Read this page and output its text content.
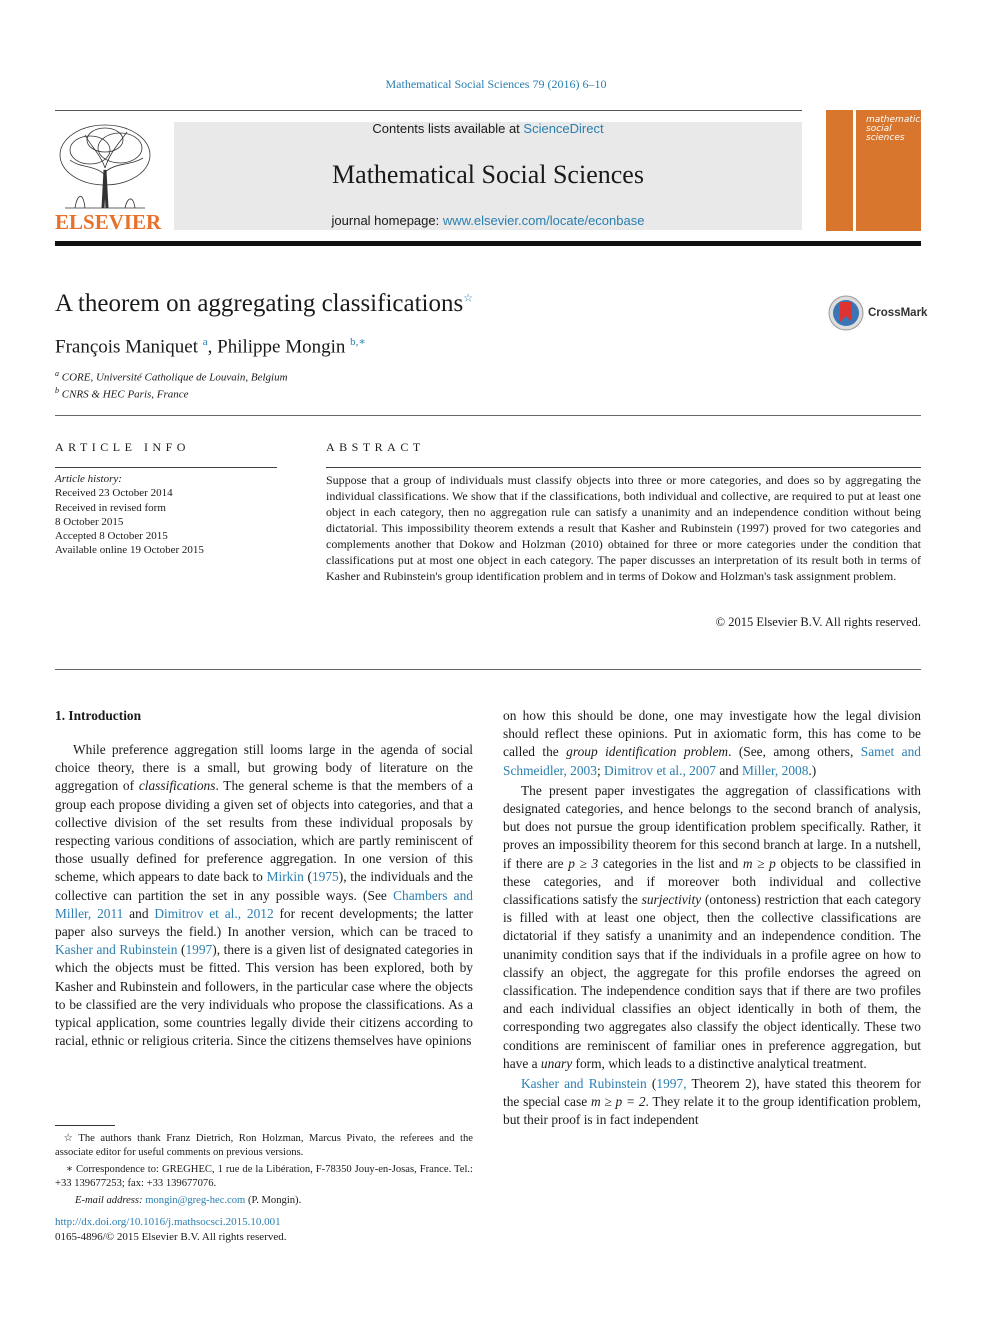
Mathematical Social Sciences 79 (2016) 6–10
ELSEVIER
Contents lists available at ScienceDirect
Mathematical Social Sciences
journal homepage: www.elsevier.com/locate/econbase
mathematical social sciences
A theorem on aggregating classifications☆
CrossMark
François Maniquet $^a$, Philippe Mongin $^{b,∗}$
$^a$ CORE, Université Catholique de Louvain, Belgium
$^b$ CNRS & HEC Paris, France
ARTICLE INFO	ABSTRACT
Article history:
Received 23 October 2014
Received in revised form
8 October 2015
Accepted 8 October 2015
Available online 19 October 2015
Suppose that a group of individuals must classify objects into three or more categories, and does so by aggregating the individual classifications. We show that if the classifications, both individual and collective, are required to put at least one object in each category, then no aggregation rule can satisfy a unanimity and an independence condition without being dictatorial. This impossibility theorem extends a result that Kasher and Rubinstein (1997) proved for two categories and complements another that Dokow and Holzman (2010) obtained for three or more categories under the condition that classifications put at most one object in each category. The paper discusses an interpretation of its result both in terms of Kasher and Rubinstein's group identification problem and in terms of Dokow and Holzman's task assignment problem.
© 2015 Elsevier B.V. All rights reserved.
1. Introduction

While preference aggregation still looms large in the agenda of social choice theory, there is a small, but growing body of literature on the aggregation of classifications. The general scheme is that the members of a group each propose dividing a given set of objects into categories, and that a collective division of the set results from these individual proposals by respecting various conditions of association, which are partly reminiscent of those usually defined for preference aggregation. In one version of this scheme, which appears to date back to Mirkin (1975), the individuals and the collective can partition the set in any possible ways. (See Chambers and Miller, 2011 and Dimitrov et al., 2012 for recent developments; the latter paper also surveys the field.) In another version, which can be traced to Kasher and Rubinstein (1997), there is a given list of designated categories in which the objects must be fitted. This version has been explored, both by Kasher and Rubinstein and followers, in the particular case where the objects to be classified are the very individuals who propose the classifications. As a typical application, some countries legally divide their citizens according to racial, ethnic or religious criteria. Since the citizens themselves have opinions

on how this should be done, one may investigate how the legal division should reflect these opinions. Put in axiomatic form, this has come to be called the group identification problem. (See, among others, Samet and Schmeidler, 2003; Dimitrov et al., 2007 and Miller, 2008.)

The present paper investigates the aggregation of classifications with designated categories, and hence belongs to the second branch of analysis, but does not pursue the group identification problem specifically. Rather, it proves an impossibility theorem for this second branch at large. In a nutshell, if there are p ≥ 3 categories in the list and m ≥ p objects to be classified in these categories, and if moreover both individual and collective classifications satisfy the surjectivity (ontoness) restriction that each category is filled with at least one object, then the collective classifications are dictatorial if they satisfy a unanimity and an independence condition. The unanimity condition says that if the individuals in a profile agree on how to classify an object, the aggregate for this profile endorses the agreed on classification. The independence condition says that if there are two profiles and each individual classifies an object identically in both of them, the corresponding two aggregates also classify the object identically. These two conditions are reminiscent of familiar ones in preference aggregation, but have a unary form, which leads to a distinctive analytical treatment.

Kasher and Rubinstein (1997, Theorem 2), have stated this theorem for the special case m ≥ p = 2. They relate it to the group identification problem, but their proof is in fact independent

☆ The authors thank Franz Dietrich, Ron Holzman, Marcus Pivato, the referees and the associate editor for useful comments on previous versions.

∗ Correspondence to: GREGHEC, 1 rue de la Libération, F-78350 Jouy-en-Josas, France. Tel.: +33 139677253; fax: +33 139677076.

E-mail address: mongin@greg-hec.com (P. Mongin).

http://dx.doi.org/10.1016/j.mathsocsci.2015.10.001
0165-4896/© 2015 Elsevier B.V. All rights reserved.
